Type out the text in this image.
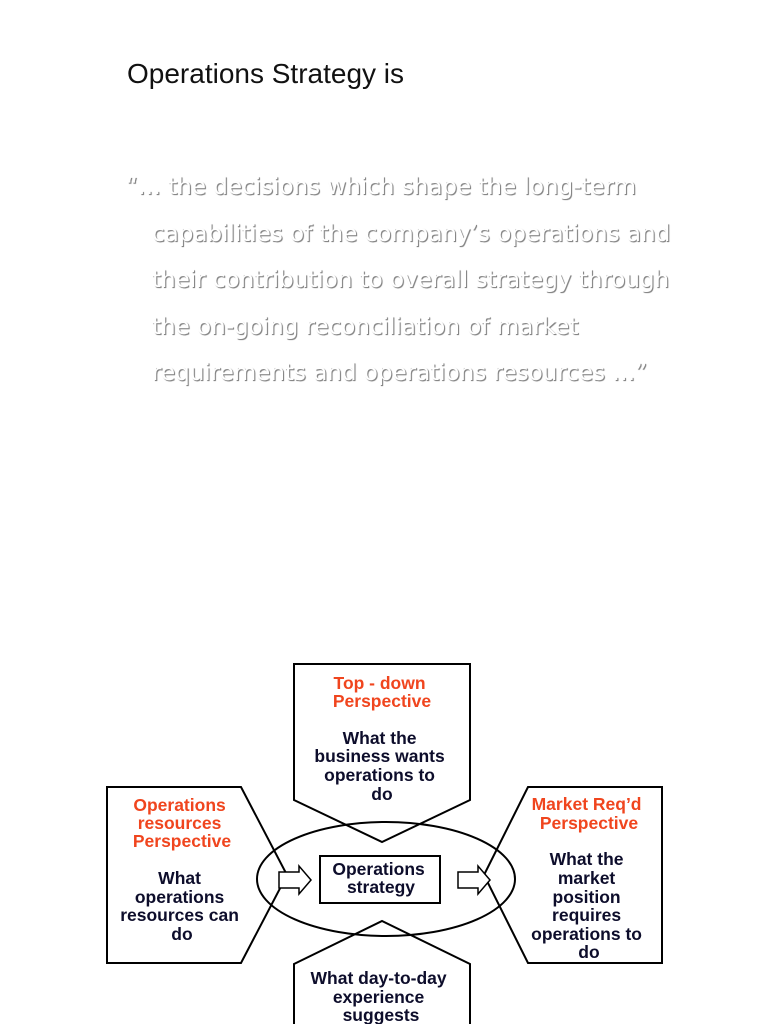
Operations Strategy is

“… the decisions which shape the long-term
capabilities of the company’s operations and
their contribution to overall strategy through
the on-going reconciliation of market
requirements and operations resources …”

Top - down Perspective
What the business wants operations to do
Operations resources Perspective
What operations resources can do
Market Req’d Perspective
What the market position requires operations to do
Operations strategy
What day-to-day experience suggests
